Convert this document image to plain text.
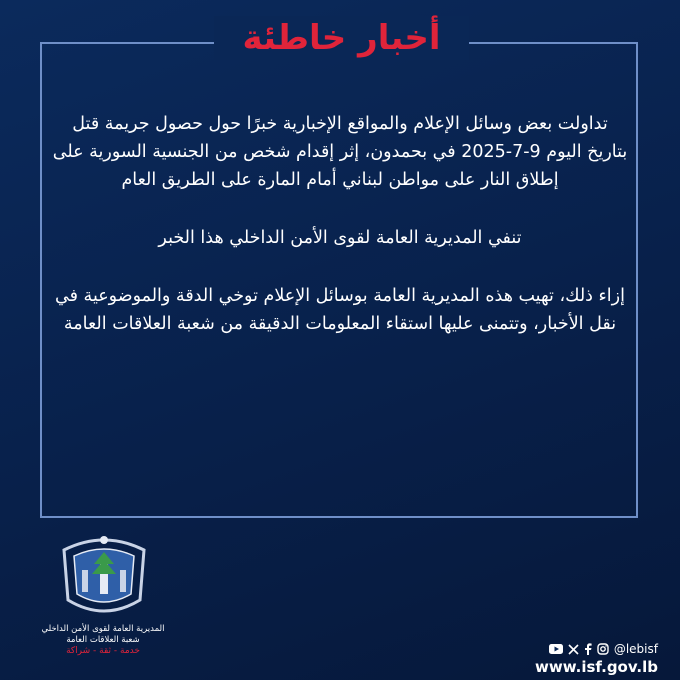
أخبار خاطئة

تداولت بعض وسائل الإعلام والمواقع الإخبارية خبرًا حول حصول جريمة قتل بتاريخ اليوم 9-7-2025 في بحمدون، إثر إقدام شخص من الجنسية السورية على إطلاق النار على مواطن لبناني أمام المارة على الطريق العام

تنفي المديرية العامة لقوى الأمن الداخلي هذا الخبر

إزاء ذلك، تهيب هذه المديرية العامة بوسائل الإعلام توخي الدقة والموضوعية في نقل الأخبار، وتتمنى عليها استقاء المعلومات الدقيقة من شعبة العلاقات العامة

المديرية العامة لقوى الأمن الداخلي
شعبة العلاقات العامة
خدمة - ثقة - شراكة	@lebisf
www.isf.gov.lb
